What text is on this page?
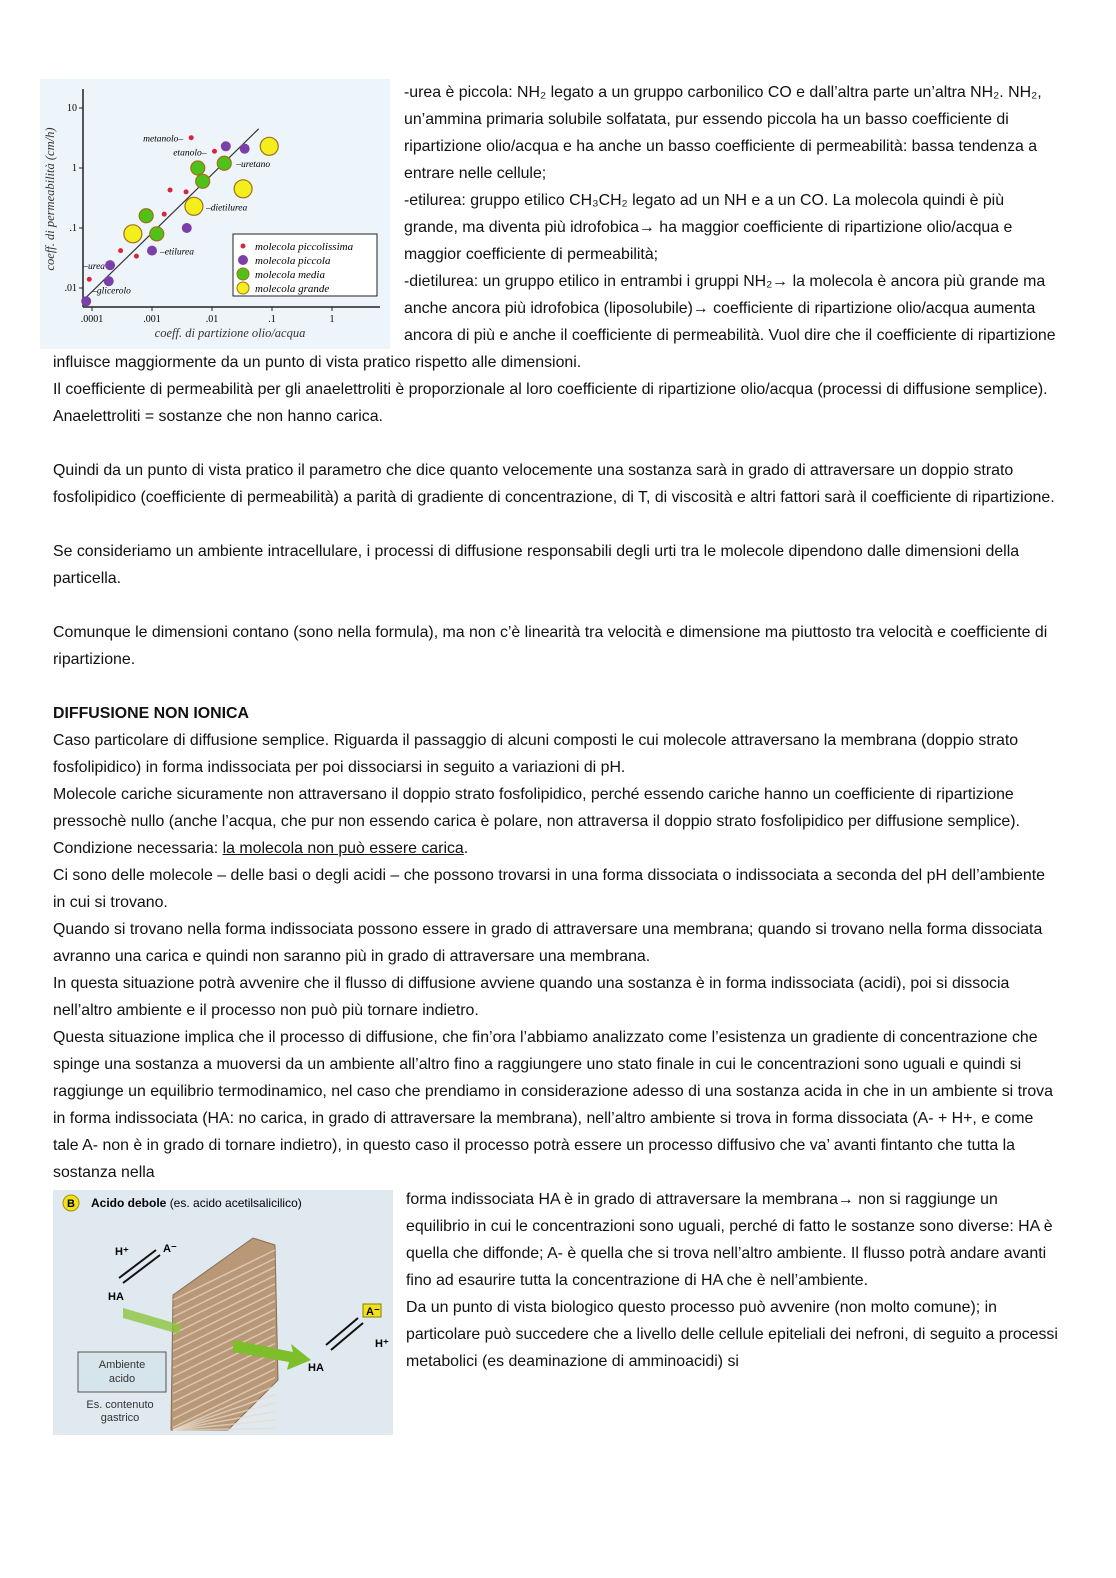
.0001	.001	.01	.1	1
.01
.1
1
10
metanolo–
etanolo–
–uretano
–dietilurea
–etilurea
–urea
–glicerolo
molecola piccolissima
molecola piccola
molecola media
molecola grande
coeff. di partizione olio/acqua
coeff. di permeabilità (cm/h)

-urea è piccola: NH₂ legato a un gruppo carbonilico CO e dall’altra parte un’altra NH₂. NH₂, un’ammina primaria solubile solfatata, pur essendo piccola ha un basso coefficiente di ripartizione olio/acqua e ha anche un basso coefficiente di permeabilità: bassa tendenza a entrare nelle cellule;

-etilurea: gruppo etilico CH₃CH₂ legato ad un NH e a un CO. La molecola quindi è più grande, ma diventa più idrofobica→ ha maggior coefficiente di ripartizione olio/acqua e maggior coefficiente di permeabilità;

-dietilurea: un gruppo etilico in entrambi i gruppi NH₂→ la molecola è ancora più grande ma anche ancora più idrofobica (liposolubile)→ coefficiente di ripartizione olio/acqua aumenta ancora di più e anche il coefficiente di permeabilità. Vuol dire che il coefficiente di ripartizione influisce maggiormente da un punto di vista pratico rispetto alle dimensioni.

Il coefficiente di permeabilità per gli anaelettroliti è proporzionale al loro coefficiente di ripartizione olio/acqua (processi di diffusione semplice). Anaelettroliti = sostanze che non hanno carica.

Quindi da un punto di vista pratico il parametro che dice quanto velocemente una sostanza sarà in grado di attraversare un doppio strato fosfolipidico (coefficiente di permeabilità) a parità di gradiente di concentrazione, di T, di viscosità e altri fattori sarà il coefficiente di ripartizione.

Se consideriamo un ambiente intracellulare, i processi di diffusione responsabili degli urti tra le molecole dipendono dalle dimensioni della particella.

Comunque le dimensioni contano (sono nella formula), ma non c’è linearità tra velocità e dimensione ma piuttosto tra velocità e coefficiente di ripartizione.

DIFFUSIONE NON IONICA

Caso particolare di diffusione semplice. Riguarda il passaggio di alcuni composti le cui molecole attraversano la membrana (doppio strato fosfolipidico) in forma indissociata per poi dissociarsi in seguito a variazioni di pH.

Molecole cariche sicuramente non attraversano il doppio strato fosfolipidico, perché essendo cariche hanno un coefficiente di ripartizione pressochè nullo (anche l’acqua, che pur non essendo carica è polare, non attraversa il doppio strato fosfolipidico per diffusione semplice). Condizione necessaria: la molecola non può essere carica.

Ci sono delle molecole – delle basi o degli acidi – che possono trovarsi in una forma dissociata o indissociata a seconda del pH dell’ambiente in cui si trovano.

Quando si trovano nella forma indissociata possono essere in grado di attraversare una membrana; quando si trovano nella forma dissociata avranno una carica e quindi non saranno più in grado di attraversare una membrana.

In questa situazione potrà avvenire che il flusso di diffusione avviene quando una sostanza è in forma indissociata (acidi), poi si dissocia nell’altro ambiente e il processo non può più tornare indietro.

Questa situazione implica che il processo di diffusione, che fin’ora l’abbiamo analizzato come l’esistenza un gradiente di concentrazione che spinge una sostanza a muoversi da un ambiente all’altro fino a raggiungere uno stato finale in cui le concentrazioni sono uguali e quindi si raggiunge un equilibrio termodinamico, nel caso che prendiamo in considerazione adesso di una sostanza acida in che in un ambiente si trova in forma indissociata (HA: no carica, in grado di attraversare la membrana), nell’altro ambiente si trova in forma dissociata (A- + H+, e come tale A- non è in grado di tornare indietro), in questo caso il processo potrà essere un processo diffusivo che va’ avanti fintanto che tutta la sostanza nella

B Acido debole (es. acido acetilsalicilico)
H⁺	A⁻
HA
Ambiente
acido
Es. contenuto
gastrico
HA
A⁻
H⁺

forma indissociata HA è in grado di attraversare la membrana→ non si raggiunge un equilibrio in cui le concentrazioni sono uguali, perché di fatto le sostanze sono diverse: HA è quella che diffonde; A- è quella che si trova nell’altro ambiente. Il flusso potrà andare avanti fino ad esaurire tutta la concentrazione di HA che è nell’ambiente.

Da un punto di vista biologico questo processo può avvenire (non molto comune); in particolare può succedere che a livello delle cellule epiteliali dei nefroni, di seguito a processi metabolici (es deaminazione di amminoacidi) si
